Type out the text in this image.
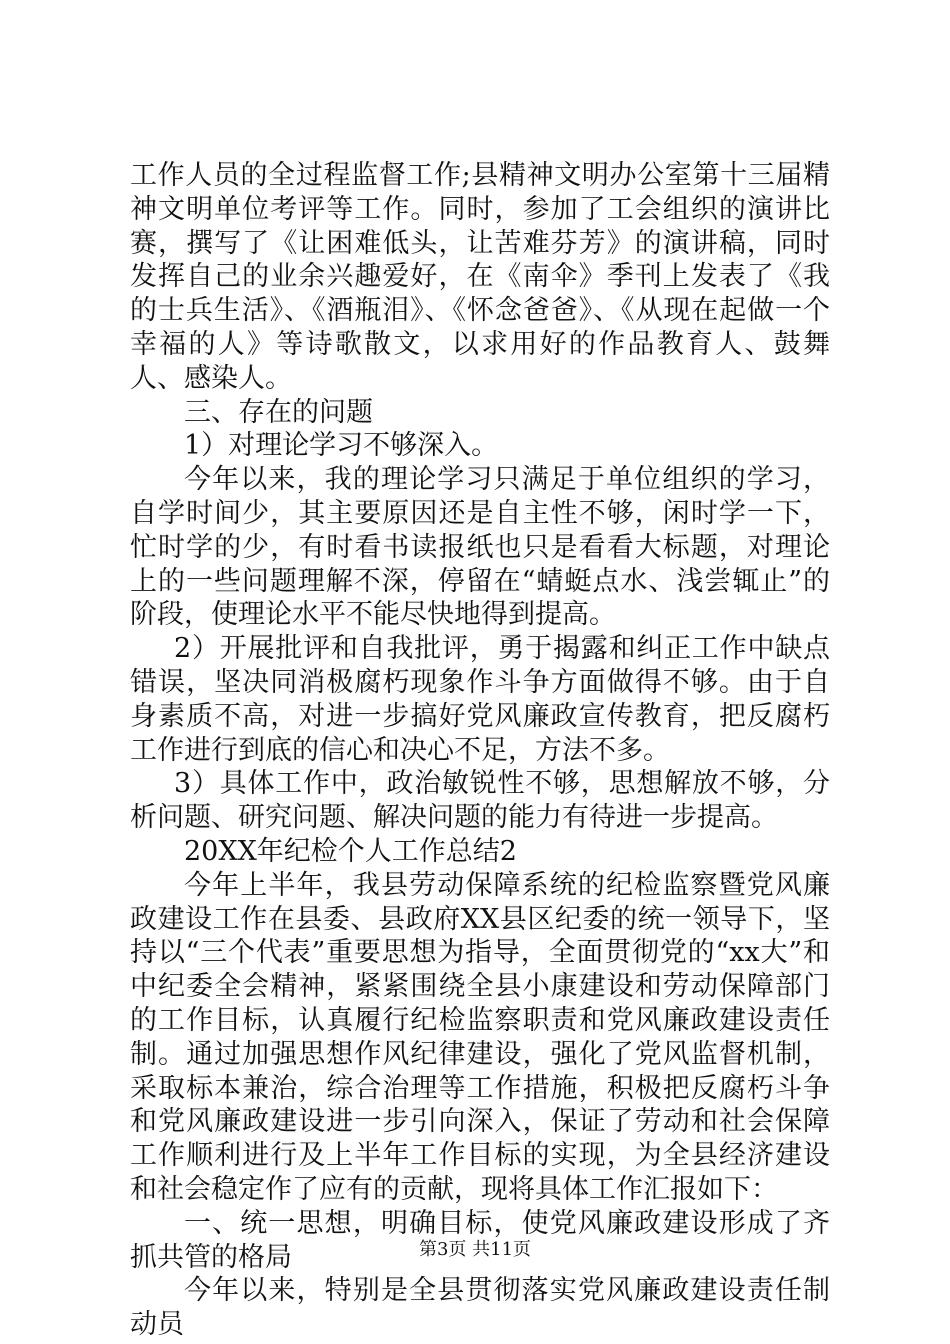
工作人员的全过程监督工作;县精神文明办公室第十三届精神文明单位考评等工作。同时，参加了工会组织的演讲比赛，撰写了《让困难低头，让苦难芬芳》的演讲稿，同时发挥自己的业余兴趣爱好，在《南伞》季刊上发表了《我的士兵生活》、《酒瓶泪》、《怀念爸爸》、《从现在起做一个幸福的人》等诗歌散文，以求用好的作品教育人、鼓舞人、感染人。

三、存在的问题

1）对理论学习不够深入。

今年以来，我的理论学习只满足于单位组织的学习，自学时间少，其主要原因还是自主性不够，闲时学一下，忙时学的少，有时看书读报纸也只是看看大标题，对理论上的一些问题理解不深，停留在“蜻蜓点水、浅尝辄止”的阶段，使理论水平不能尽快地得到提高。

2）开展批评和自我批评，勇于揭露和纠正工作中缺点错误，坚决同消极腐朽现象作斗争方面做得不够。由于自身素质不高，对进一步搞好党风廉政宣传教育，把反腐朽工作进行到底的信心和决心不足，方法不多。

3）具体工作中，政治敏锐性不够，思想解放不够，分析问题、研究问题、解决问题的能力有待进一步提高。

20XX年纪检个人工作总结2

今年上半年，我县劳动保障系统的纪检监察暨党风廉政建设工作在县委、县政府XX县区纪委的统一领导下，坚持以“三个代表”重要思想为指导，全面贯彻党的“xx大”和中纪委全会精神，紧紧围绕全县小康建设和劳动保障部门的工作目标，认真履行纪检监察职责和党风廉政建设责任制。通过加强思想作风纪律建设，强化了党风监督机制，采取标本兼治，综合治理等工作措施，积极把反腐朽斗争和党风廉政建设进一步引向深入，保证了劳动和社会保障工作顺利进行及上半年工作目标的实现，为全县经济建设和社会稳定作了应有的贡献，现将具体工作汇报如下：

一、统一思想，明确目标，使党风廉政建设形成了齐抓共管的格局

今年以来，特别是全县贯彻落实党风廉政建设责任制动员

第3页 共11页
